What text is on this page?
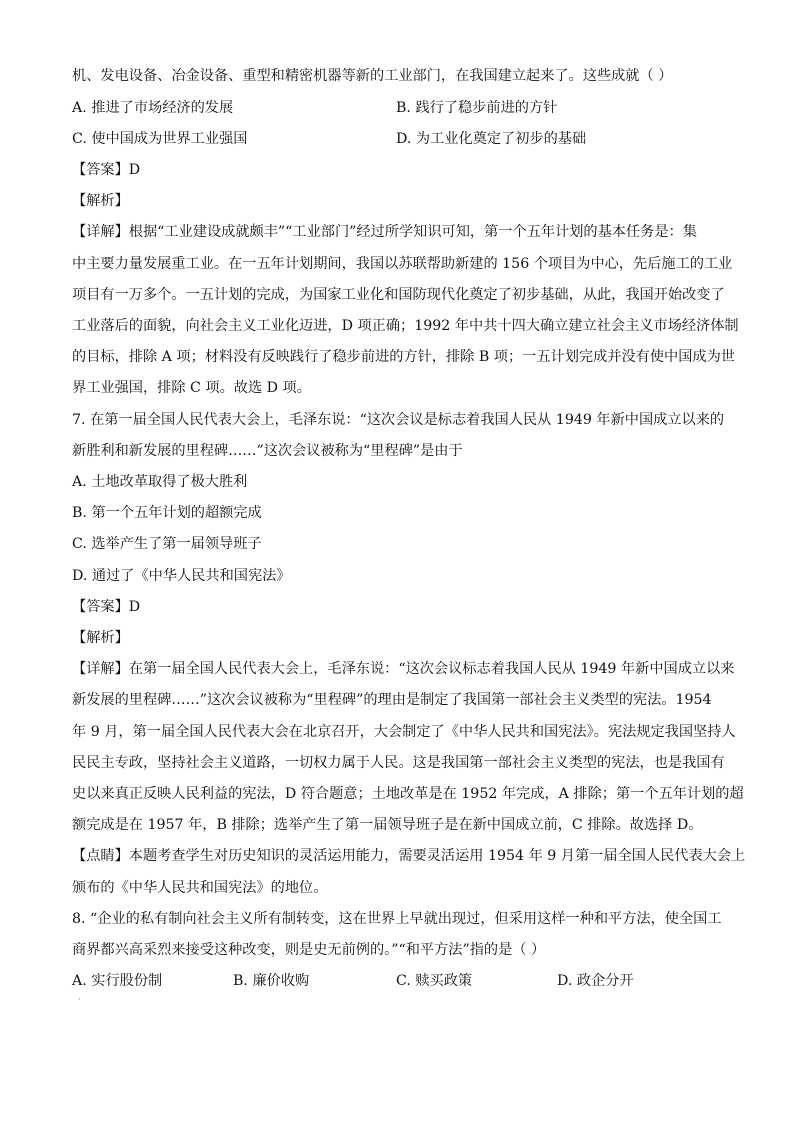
机、发电设备、冶金设备、重型和精密机器等新的工业部门，在我国建立起来了。这些成就（ ）
A. 推进了市场经济的发展	B. 践行了稳步前进的方针
C. 使中国成为世界工业强国	D. 为工业化奠定了初步的基础
【答案】D
【解析】
【详解】根据“工业建设成就颇丰”“工业部门”经过所学知识可知，第一个五年计划的基本任务是：集
中主要力量发展重工业。在一五年计划期间，我国以苏联帮助新建的 156 个项目为中心，先后施工的工业
项目有一万多个。一五计划的完成，为国家工业化和国防现代化奠定了初步基础，从此，我国开始改变了
工业落后的面貌，向社会主义工业化迈进，D 项正确；1992 年中共十四大确立建立社会主义市场经济体制
的目标，排除 A 项；材料没有反映践行了稳步前进的方针，排除 B 项；一五计划完成并没有使中国成为世
界工业强国，排除 C 项。故选 D 项。
7. 在第一届全国人民代表大会上，毛泽东说：“这次会议是标志着我国人民从 1949 年新中国成立以来的
新胜利和新发展的里程碑……”这次会议被称为“里程碑”是由于
A. 土地改革取得了极大胜利
B. 第一个五年计划的超额完成
C. 选举产生了第一届领导班子
D. 通过了《中华人民共和国宪法》
【答案】D
【解析】
【详解】在第一届全国人民代表大会上，毛泽东说：“这次会议标志着我国人民从 1949 年新中国成立以来
新发展的里程碑……”这次会议被称为“里程碑”的理由是制定了我国第一部社会主义类型的宪法。1954
年 9 月，第一届全国人民代表大会在北京召开，大会制定了《中华人民共和国宪法》。宪法规定我国坚持人
民民主专政，坚持社会主义道路，一切权力属于人民。这是我国第一部社会主义类型的宪法，也是我国有
史以来真正反映人民利益的宪法，D 符合题意；土地改革是在 1952 年完成，A 排除；第一个五年计划的超
额完成是在 1957 年，B 排除；选举产生了第一届领导班子是在新中国成立前，C 排除。故选择 D。
【点睛】本题考查学生对历史知识的灵活运用能力，需要灵活运用 1954 年 9 月第一届全国人民代表大会上
颁布的《中华人民共和国宪法》的地位。
8. “企业的私有制向社会主义所有制转变，这在世界上早就出现过，但采用这样一种和平方法，使全国工
商界都兴高采烈来接受这种改变，则是史无前例的。”“和平方法”指的是（ ）
A. 实行股份制	B. 廉价收购	C. 赎买政策	D. 政企分开
·
